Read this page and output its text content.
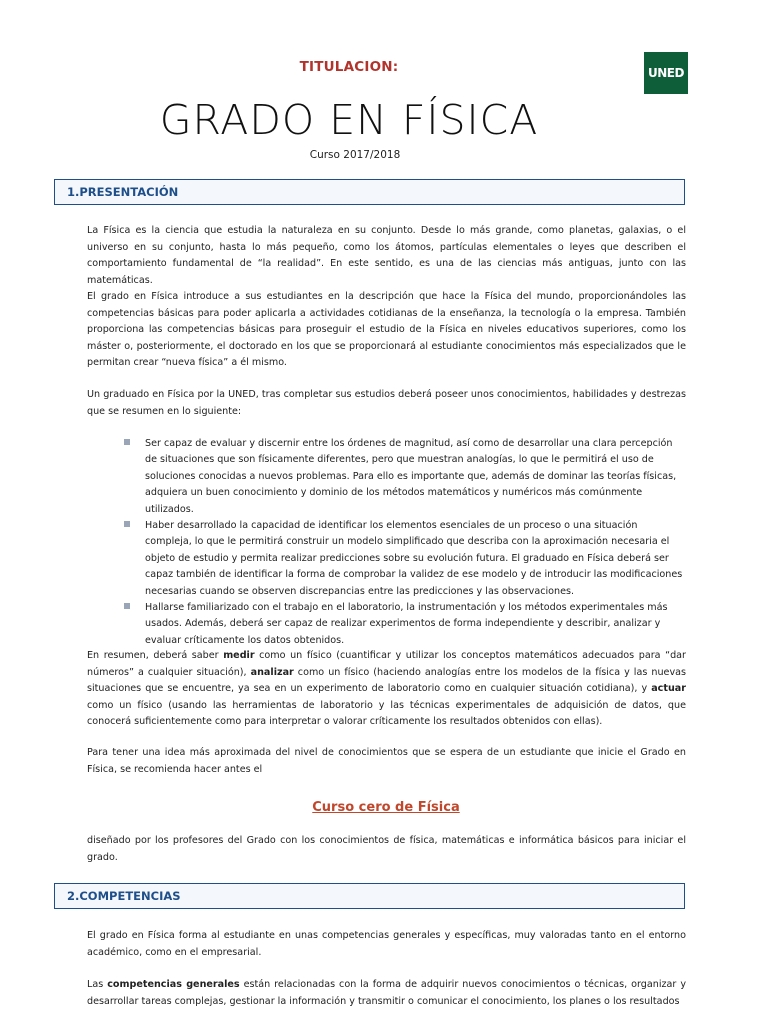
TITULACION:	UNED
GRADO EN FÍSICA
Curso 2017/2018
1.PRESENTACIÓN

La Física es la ciencia que estudia la naturaleza en su conjunto. Desde lo más grande, como planetas, galaxias, o el universo en su conjunto, hasta lo más pequeño, como los átomos, partículas elementales o leyes que describen el comportamiento fundamental de “la realidad”. En este sentido, es una de las ciencias más antiguas, junto con las matemáticas.

El grado en Física introduce a sus estudiantes en la descripción que hace la Física del mundo, proporcionándoles las competencias básicas para poder aplicarla a actividades cotidianas de la enseñanza, la tecnología o la empresa. También proporciona las competencias básicas para proseguir el estudio de la Física en niveles educativos superiores, como los máster o, posteriormente, el doctorado en los que se proporcionará al estudiante conocimientos más especializados que le permitan crear “nueva física” a él mismo.

Un graduado en Física por la UNED, tras completar sus estudios deberá poseer unos conocimientos, habilidades y destrezas que se resumen en lo siguiente:

Ser capaz de evaluar y discernir entre los órdenes de magnitud, así como de desarrollar una clara percepción de situaciones que son físicamente diferentes, pero que muestran analogías, lo que le permitirá el uso de soluciones conocidas a nuevos problemas. Para ello es importante que, además de dominar las teorías físicas, adquiera un buen conocimiento y dominio de los métodos matemáticos y numéricos más comúnmente utilizados.
Haber desarrollado la capacidad de identificar los elementos esenciales de un proceso o una situación compleja, lo que le permitirá construir un modelo simplificado que describa con la aproximación necesaria el objeto de estudio y permita realizar predicciones sobre su evolución futura. El graduado en Física deberá ser capaz también de identificar la forma de comprobar la validez de ese modelo y de introducir las modificaciones necesarias cuando se observen discrepancias entre las predicciones y las observaciones.
Hallarse familiarizado con el trabajo en el laboratorio, la instrumentación y los métodos experimentales más usados. Además, deberá ser capaz de realizar experimentos de forma independiente y describir, analizar y evaluar críticamente los datos obtenidos.

En resumen, deberá saber medir como un físico (cuantificar y utilizar los conceptos matemáticos adecuados para “dar números” a cualquier situación), analizar como un físico (haciendo analogías entre los modelos de la física y las nuevas situaciones que se encuentre, ya sea en un experimento de laboratorio como en cualquier situación cotidiana), y actuar como un físico (usando las herramientas de laboratorio y las técnicas experimentales de adquisición de datos, que conocerá suficientemente como para interpretar o valorar críticamente los resultados obtenidos con ellas).

Para tener una idea más aproximada del nivel de conocimientos que se espera de un estudiante que inicie el Grado en Física, se recomienda hacer antes el

Curso cero de Física

diseñado por los profesores del Grado con los conocimientos de física, matemáticas e informática básicos para iniciar el grado.

2.COMPETENCIAS

El grado en Física forma al estudiante en unas competencias generales y específicas, muy valoradas tanto en el entorno académico, como en el empresarial.

Las competencias generales están relacionadas con la forma de adquirir nuevos conocimientos o técnicas, organizar y desarrollar tareas complejas, gestionar la información y transmitir o comunicar el conocimiento, los planes o los resultados
